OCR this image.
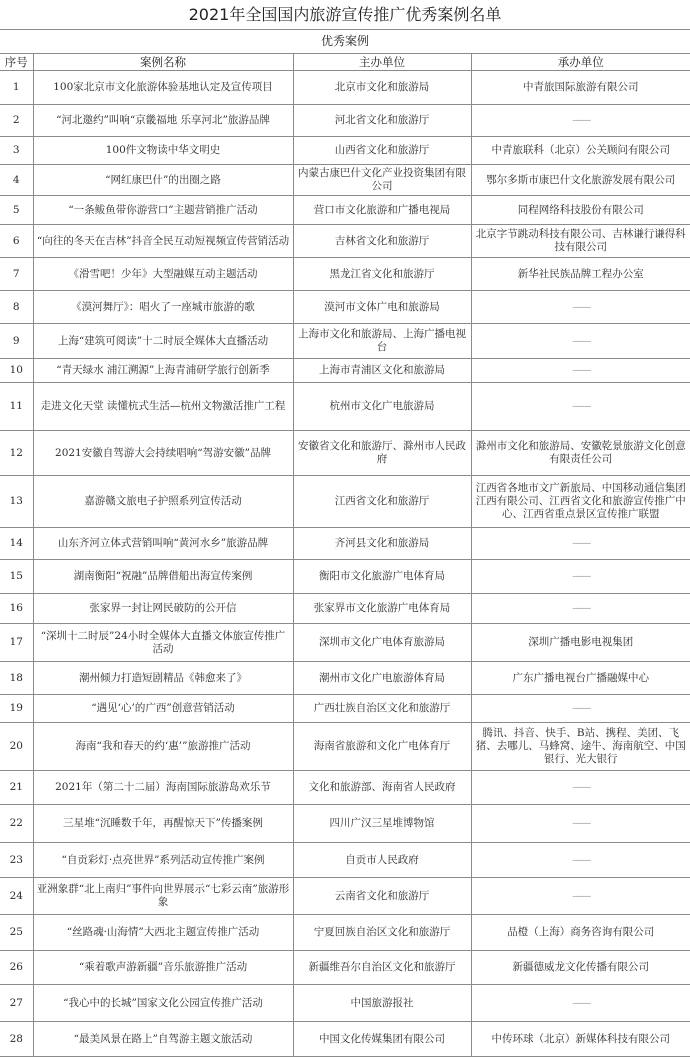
2021年全国国内旅游宣传推广优秀案例名单
优秀案例			
序号	案例名称	主办单位	承办单位
1	100家北京市文化旅游体验基地认定及宣传项目	北京市文化和旅游局	中青旅国际旅游有限公司
2	“河北邀约”叫响“京畿福地 乐享河北”旅游品牌	河北省文化和旅游厅	——
3	100件文物读中华文明史	山西省文化和旅游厅	中青旅联科（北京）公关顾问有限公司
4	“网红康巴什”的出圈之路	内蒙古康巴什文化产业投资集团有限公司	鄂尔多斯市康巴什文化旅游发展有限公司
5	“一条鲅鱼带你游营口”主题营销推广活动	营口市文化旅游和广播电视局	同程网络科技股份有限公司
6	“向往的冬天在吉林”抖音全民互动短视频宣传营销活动	吉林省文化和旅游厅	北京字节跳动科技有限公司、吉林谦行谦得科技有限公司
7	《滑雪吧！少年》大型融媒互动主题活动	黑龙江省文化和旅游厅	新华社民族品牌工程办公室
8	《漠河舞厅》：唱火了一座城市旅游的歌	漠河市文体广电和旅游局	——
9	上海“建筑可阅读”十二时辰全媒体大直播活动	上海市文化和旅游局、上海广播电视台	——
10	“青天绿水 浦江溯源”上海青浦研学旅行创新季	上海市青浦区文化和旅游局	——
11	走进文化天堂 读懂杭式生活—杭州文物激活推广工程	杭州市文化广电旅游局	——
12	2021安徽自驾游大会持续唱响“驾游安徽”品牌	安徽省文化和旅游厅、滁州市人民政府	滁州市文化和旅游局、安徽乾景旅游文化创意有限责任公司
13	嘉游赣文旅电子护照系列宣传活动	江西省文化和旅游厅	江西省各地市文广新旅局、中国移动通信集团江西有限公司、江西省文化和旅游宣传推广中心、江西省重点景区宣传推广联盟
14	山东齐河立体式营销叫响“黄河水乡”旅游品牌	齐河县文化和旅游局	——
15	湖南衡阳“祝融”品牌借船出海宣传案例	衡阳市文化旅游广电体育局	——
16	张家界一封让网民破防的公开信	张家界市文化旅游广电体育局	——
17	“深圳十二时辰”24小时全媒体大直播文体旅宣传推广活动	深圳市文化广电体育旅游局	深圳广播电影电视集团
18	潮州倾力打造短剧精品《韩愈来了》	潮州市文化广电旅游体育局	广东广播电视台广播融媒中心
19	“遇见‘心’的广西”创意营销活动	广西壮族自治区文化和旅游厅	——
20	海南“我和春天的约‘惠’”旅游推广活动	海南省旅游和文化广电体育厅	腾讯、抖音、快手、B站、携程、美团、飞猪、去哪儿、马蜂窝、途牛、海南航空、中国银行、光大银行
21	2021年（第二十二届）海南国际旅游岛欢乐节	文化和旅游部、海南省人民政府	——
22	三星堆“沉睡数千年，再醒惊天下”传播案例	四川广汉三星堆博物馆	——
23	“自贡彩灯·点亮世界”系列活动宣传推广案例	自贡市人民政府	——
24	亚洲象群“北上南归”事件向世界展示“七彩云南”旅游形象	云南省文化和旅游厅	——
25	“丝路魂·山海情”大西北主题宣传推广活动	宁夏回族自治区文化和旅游厅	品橙（上海）商务咨询有限公司
26	“乘着歌声游新疆”音乐旅游推广活动	新疆维吾尔自治区文化和旅游厅	新疆德威龙文化传播有限公司
27	“我心中的长城”国家文化公园宣传推广活动	中国旅游报社	——
28	“最美风景在路上”自驾游主题文旅活动	中国文化传媒集团有限公司	中传环球（北京）新媒体科技有限公司
